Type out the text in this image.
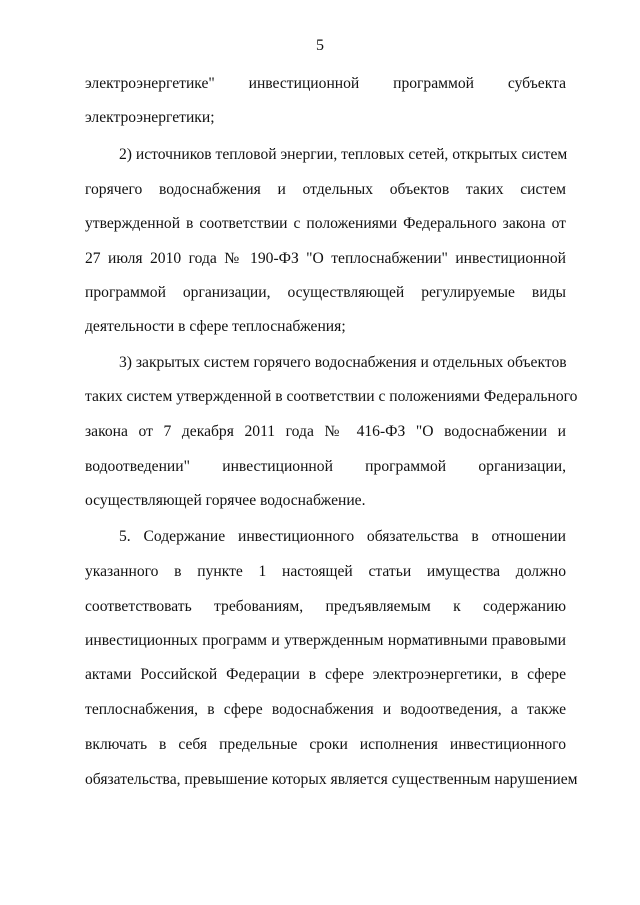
5
электроэнергетике" инвестиционной программой субъекта
электроэнергетики;
2) источников тепловой энергии, тепловых сетей, открытых систем
горячего водоснабжения и отдельных объектов таких систем
утвержденной в соответствии с положениями Федерального закона от
27 июля 2010 года № 190-ФЗ "О теплоснабжении" инвестиционной
программой организации, осуществляющей регулируемые виды
деятельности в сфере теплоснабжения;
3) закрытых систем горячего водоснабжения и отдельных объектов
таких систем утвержденной в соответствии с положениями Федерального
закона от 7 декабря 2011 года № 416-ФЗ "О водоснабжении и
водоотведении" инвестиционной программой организации,
осуществляющей горячее водоснабжение.
5. Содержание инвестиционного обязательства в отношении
указанного в пункте 1 настоящей статьи имущества должно
соответствовать требованиям, предъявляемым к содержанию
инвестиционных программ и утвержденным нормативными правовыми
актами Российской Федерации в сфере электроэнергетики, в сфере
теплоснабжения, в сфере водоснабжения и водоотведения, а также
включать в себя предельные сроки исполнения инвестиционного
обязательства, превышение которых является существенным нарушением
